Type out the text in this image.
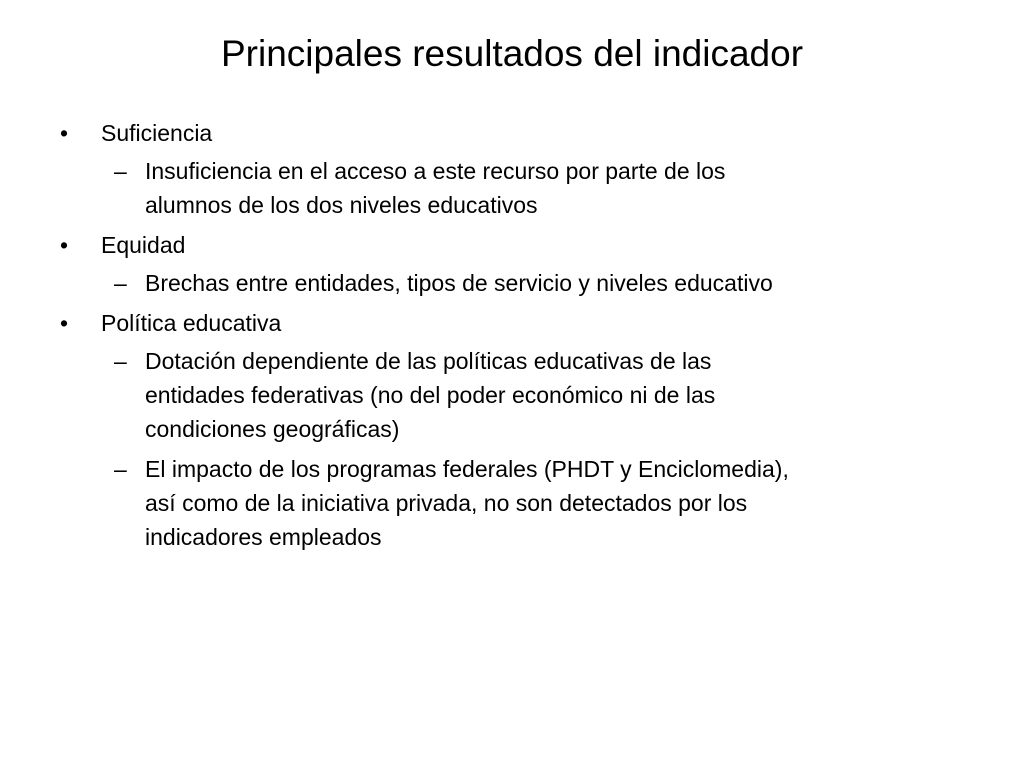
Principales resultados del indicador
• Suficiencia
– Insuficiencia en el acceso a este recurso por parte de los
alumnos de los dos niveles educativos
• Equidad
– Brechas entre entidades, tipos de servicio y niveles educativo
• Política educativa
– Dotación dependiente de las políticas educativas de las
entidades federativas (no del poder económico ni de las
condiciones geográficas)
– El impacto de los programas federales (PHDT y Enciclomedia),
así como de la iniciativa privada, no son detectados por los
indicadores empleados
